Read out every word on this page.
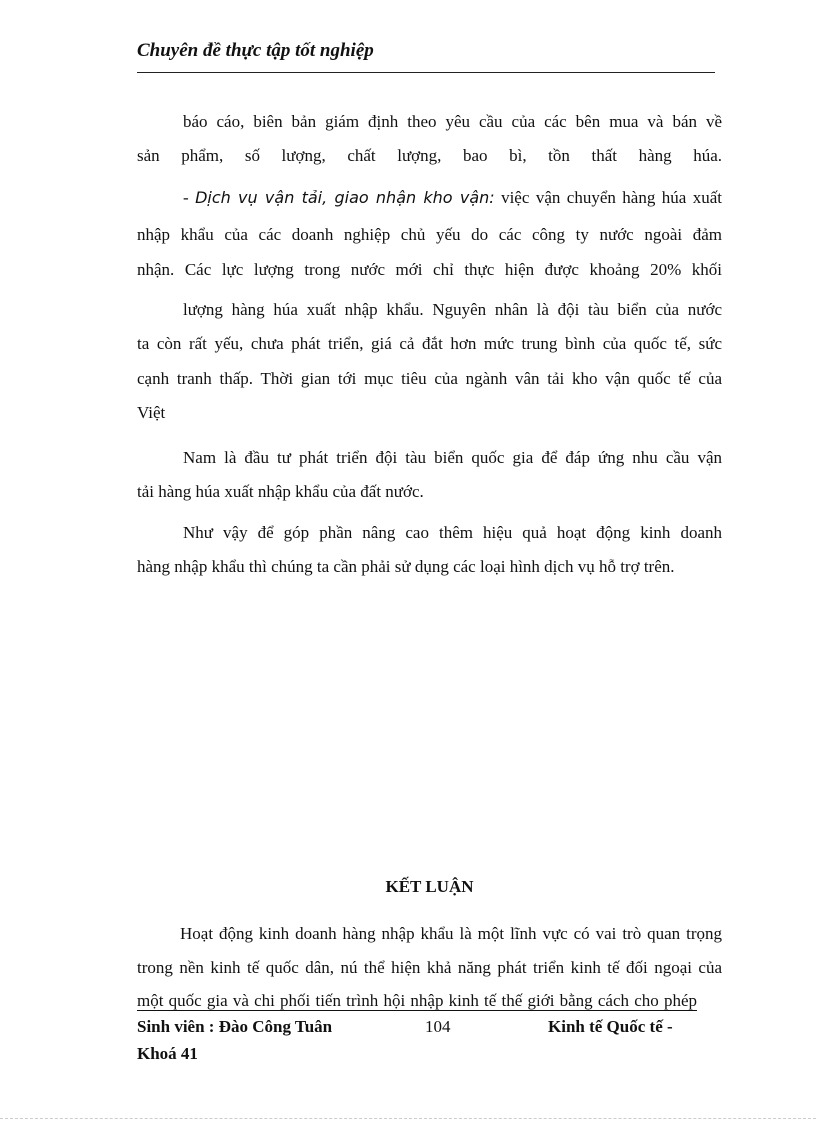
Chuyên đề thực tập tốt nghiệp

báo cáo, biên bản giám định theo yêu cầu của các bên mua và bán về

sản phẩm, số lượng, chất lượng, bao bì, tồn thất hàng húa.

- Dịch vụ vận tải, giao nhận kho vận: việc vận chuyển hàng húa xuất

nhập khẩu của các doanh nghiệp chủ yếu do các công ty nước ngoài đảm

nhận. Các lực lượng trong nước mới chỉ thực hiện được khoảng 20% khối

lượng hàng húa xuất nhập khẩu. Nguyên nhân là đội tàu biển của nước

ta còn rất yếu, chưa phát triển, giá cả đắt hơn mức trung bình của quốc tế, sức

cạnh tranh thấp. Thời gian tới mục tiêu của ngành vân tải kho vận quốc tế của

Việt

Nam là đầu tư phát triển đội tàu biển quốc gia để đáp ứng nhu cầu vận

tải hàng húa xuất nhập khẩu của đất nước.

Như vậy để góp phần nâng cao thêm hiệu quả hoạt động kinh doanh

hàng nhập khẩu thì chúng ta cần phải sử dụng các loại hình dịch vụ hỗ trợ trên.

KẾT LUẬN

Hoạt động kinh doanh hàng nhập khẩu là một lĩnh vực có vai trò quan trọng

trong nền kinh tế quốc dân, nú thể hiện khả năng phát triển kinh tế đối ngoại của

một quốc gia và chi phối tiến trình hội nhập kinh tế thế giới bằng cách cho phép

Sinh viên : Đào Công Tuân	104	Kinh tế Quốc tế -
Khoá 41
